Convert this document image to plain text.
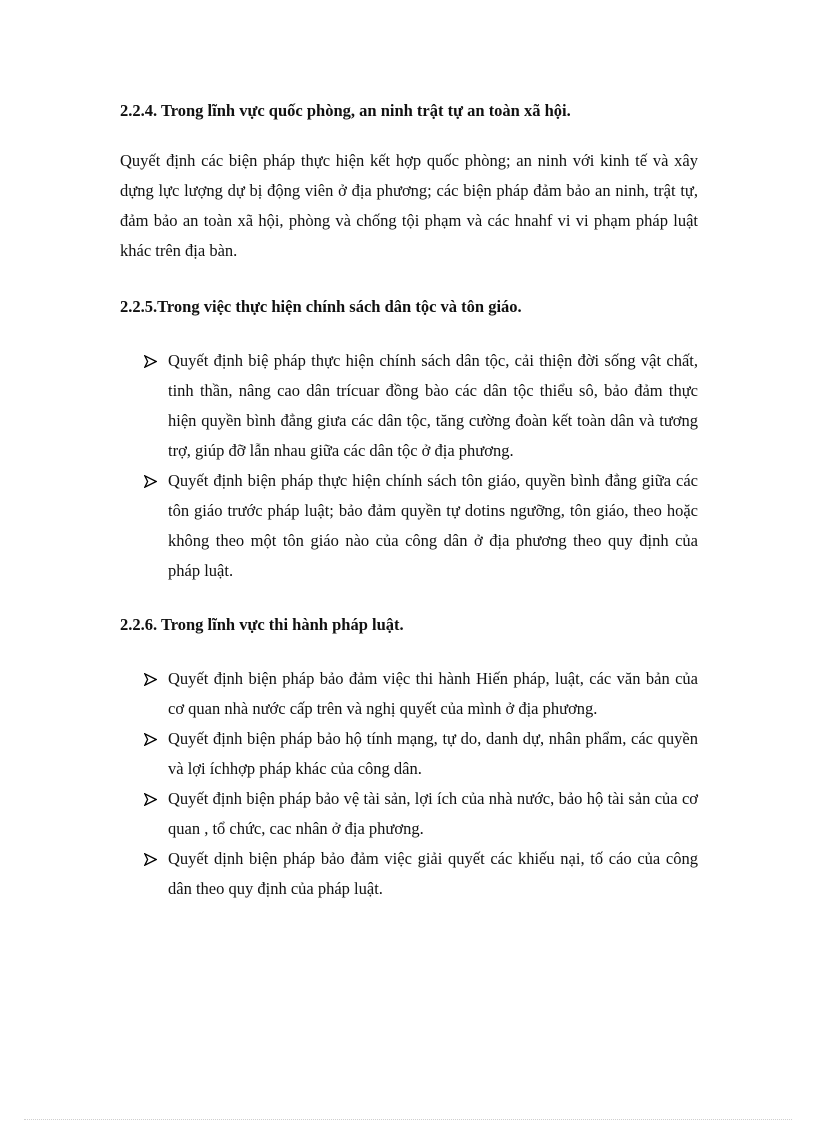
2.2.4. Trong lĩnh vực quốc phòng, an ninh trật tự an toàn xã hội.

Quyết định các biện pháp thực hiện kết hợp quốc phòng; an ninh với kinh tế và xây dựng lực lượng dự bị động viên ở địa phương; các biện pháp đảm bảo an ninh, trật tự, đảm bảo an toàn xã hội, phòng và chống tội phạm và các hnahf vi vi phạm pháp luật khác trên địa bàn.

2.2.5.Trong việc thực hiện chính sách dân tộc và tôn giáo.

Quyết định biệ pháp thực hiện chính sách dân tộc, cải thiện đời sống vật chất, tinh thần, nâng cao dân trícuar đồng bào các dân tộc thiểu sô, bảo đảm thực hiện quyền bình đẳng giưa các dân tộc, tăng cường đoàn kết toàn dân và tương trợ, giúp đỡ lẫn nhau giữa các dân tộc ở địa phương.
Quyết định biện pháp thực hiện chính sách tôn giáo, quyền bình đẳng giữa các tôn giáo trước pháp luật; bảo đảm quyền tự dotins ngưỡng, tôn giáo, theo hoặc không theo một tôn giáo nào của công dân ở địa phương theo quy định của pháp luật.

2.2.6. Trong lĩnh vực thi hành pháp luật.

Quyết định biện pháp bảo đảm việc thi hành Hiến pháp, luật, các văn bản của cơ quan nhà nước cấp trên và nghị quyết của mình ở địa phương.
Quyết định biện pháp bảo hộ tính mạng, tự do, danh dự, nhân phẩm, các quyền và lợi íchhợp pháp khác của công dân.
Quyết định biện pháp bảo vệ tài sản, lợi ích của nhà nước, bảo hộ tài sản của cơ quan , tổ chức, cac nhân ở địa phương.
Quyết dịnh biện pháp bảo đảm việc giải quyết các khiếu nại, tố cáo của công dân theo quy định của pháp luật.
